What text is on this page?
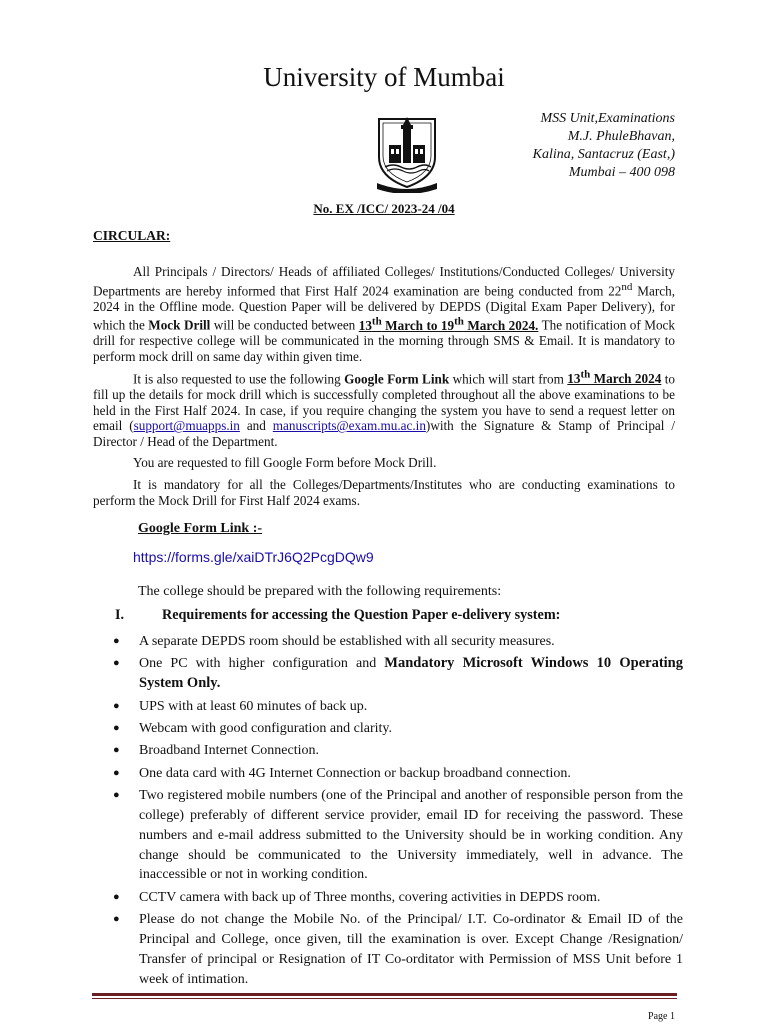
University of Mumbai
MSS Unit,Examinations
M.J. PhuleBhavan,
Kalina, Santacruz (East,)
Mumbai – 400 098
No. EX /ICC/ 2023-24 /04
CIRCULAR:

All Principals / Directors/ Heads of affiliated Colleges/ Institutions/Conducted Colleges/ University Departments are hereby informed that First Half 2024 examination are being conducted from 22nd March, 2024 in the Offline mode. Question Paper will be delivered by DEPDS (Digital Exam Paper Delivery), for which the Mock Drill will be conducted between 13th March to 19th March 2024. The notification of Mock drill for respective college will be communicated in the morning through SMS & Email. It is mandatory to perform mock drill on same day within given time.

It is also requested to use the following Google Form Link which will start from 13th March 2024 to fill up the details for mock drill which is successfully completed throughout all the above examinations to be held in the First Half 2024. In case, if you require changing the system you have to send a request letter on email (support@muapps.in and manuscripts@exam.mu.ac.in)with the Signature & Stamp of Principal / Director / Head of the Department.

You are requested to fill Google Form before Mock Drill.

It is mandatory for all the Colleges/Departments/Institutes who are conducting examinations to perform the Mock Drill for First Half 2024 exams.

Google Form Link :-
https://forms.gle/xaiDTrJ6Q2PcgDQw9
The college should be prepared with the following requirements:
I.	Requirements for accessing the Question Paper e-delivery system:
● A separate DEPDS room should be established with all security measures.
● One PC with higher configuration and Mandatory Microsoft Windows 10 Operating System Only.
● UPS with at least 60 minutes of back up.
● Webcam with good configuration and clarity.
● Broadband Internet Connection.
● One data card with 4G Internet Connection or backup broadband connection.
● Two registered mobile numbers (one of the Principal and another of responsible person from the college) preferably of different service provider, email ID for receiving the password. These numbers and e-mail address submitted to the University should be in working condition. Any change should be communicated to the University immediately, well in advance. The inaccessible or not in working condition.
● CCTV camera with back up of Three months, covering activities in DEPDS room.
● Please do not change the Mobile No. of the Principal/ I.T. Co-ordinator & Email ID of the Principal and College, once given, till the examination is over. Except Change /Resignation/ Transfer of principal or Resignation of IT Co-orditator with Permission of MSS Unit before 1 week of intimation.
Page 1
